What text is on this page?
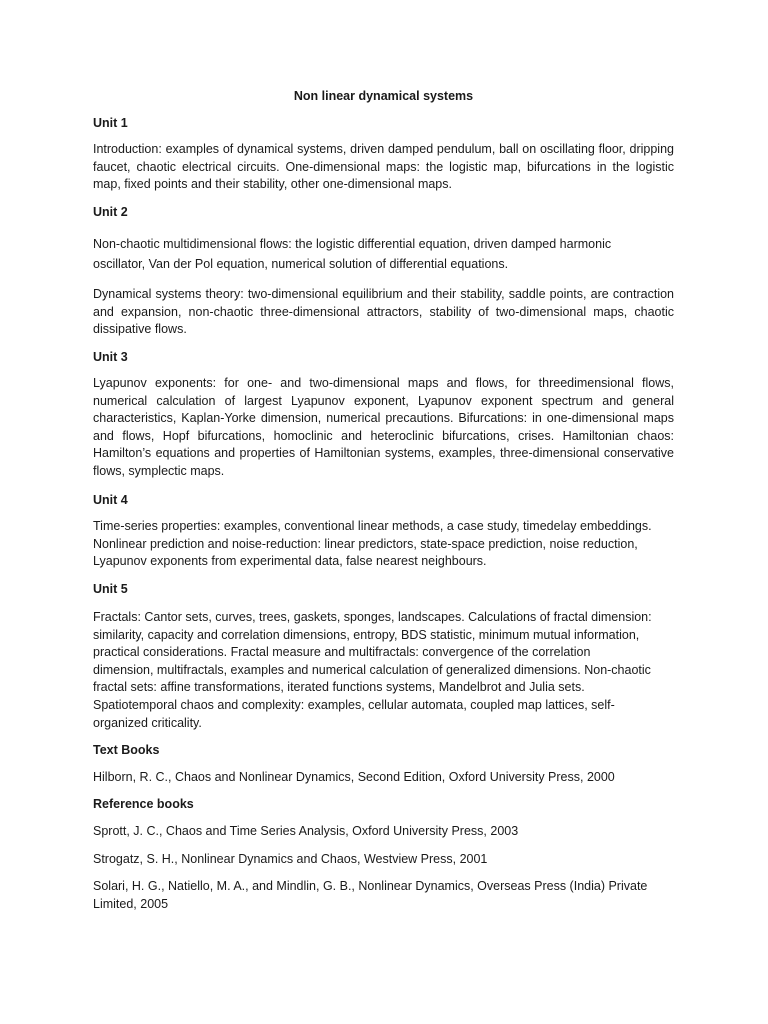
Non linear dynamical systems
Unit 1

Introduction: examples of dynamical systems, driven damped pendulum, ball on oscillating floor, dripping faucet, chaotic electrical circuits. One-dimensional maps: the logistic map, bifurcations in the logistic map, fixed points and their stability, other one-dimensional maps.

Unit 2

Non-chaotic multidimensional flows: the logistic differential equation, driven damped harmonic oscillator, Van der Pol equation, numerical solution of differential equations.

Dynamical systems theory: two-dimensional equilibrium and their stability, saddle points, are contraction and expansion, non-chaotic three-dimensional attractors, stability of two-dimensional maps, chaotic dissipative flows.

Unit 3

Lyapunov exponents: for one- and two-dimensional maps and flows, for threedimensional flows, numerical calculation of largest Lyapunov exponent, Lyapunov exponent spectrum and general characteristics, Kaplan-Yorke dimension, numerical precautions. Bifurcations: in one-dimensional maps and flows, Hopf bifurcations, homoclinic and heteroclinic bifurcations, crises. Hamiltonian chaos: Hamilton’s equations and properties of Hamiltonian systems, examples, three-dimensional conservative flows, symplectic maps.

Unit 4

Time-series properties: examples, conventional linear methods, a case study, timedelay embeddings. Nonlinear prediction and noise-reduction: linear predictors, state-space prediction, noise reduction, Lyapunov exponents from experimental data, false nearest neighbours.

Unit 5

Fractals: Cantor sets, curves, trees, gaskets, sponges, landscapes. Calculations of fractal dimension: similarity, capacity and correlation dimensions, entropy, BDS statistic, minimum mutual information, practical considerations. Fractal measure and multifractals: convergence of the correlation dimension, multifractals, examples and numerical calculation of generalized dimensions. Non-chaotic fractal sets: affine transformations, iterated functions systems, Mandelbrot and Julia sets. Spatiotemporal chaos and complexity: examples, cellular automata, coupled map lattices, self-organized criticality.

Text Books

Hilborn, R. C., Chaos and Nonlinear Dynamics, Second Edition, Oxford University Press, 2000

Reference books

Sprott, J. C., Chaos and Time Series Analysis, Oxford University Press, 2003

Strogatz, S. H., Nonlinear Dynamics and Chaos, Westview Press, 2001

Solari, H. G., Natiello, M. A., and Mindlin, G. B., Nonlinear Dynamics, Overseas Press (India) Private Limited, 2005
